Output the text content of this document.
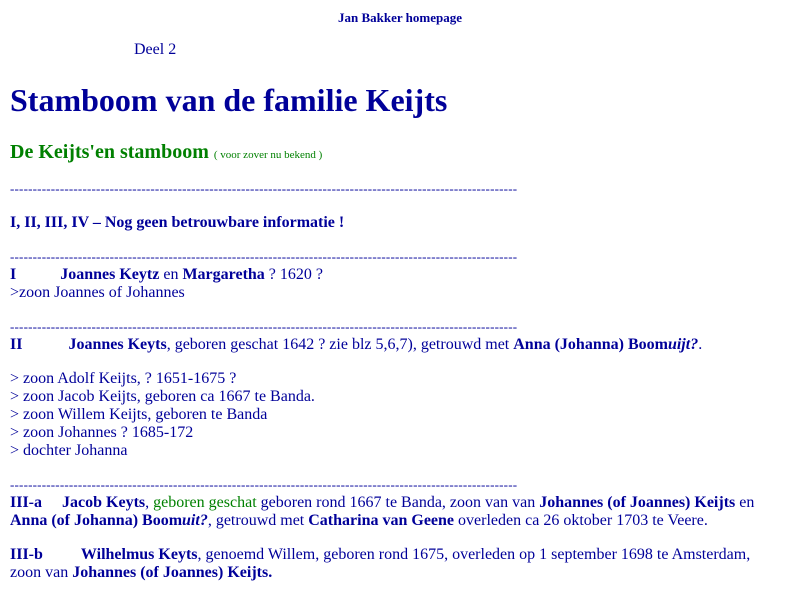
Jan Bakker homepage
Deel 2
Stamboom van de familie Keijts
De Keijts'en stamboom ( voor zover nu bekend )
----------------------------------------------------------------------------------------------------------------
I, II, III, IV – Nog geen betrouwbare informatie !
----------------------------------------------------------------------------------------------------------------
I	Joannes Keytz en Margaretha ? 1620 ?
>zoon Joannes of Johannes
----------------------------------------------------------------------------------------------------------------
II	Joannes Keyts, geboren geschat 1642 ? zie blz 5,6,7), getrouwd met Anna (Johanna) Boomuijt?.
> zoon Adolf Keijts, ? 1651-1675 ?
> zoon Jacob Keijts, geboren ca 1667 te Banda.
> zoon Willem Keijts, geboren te Banda
> zoon Johannes ? 1685-172
> dochter Johanna
----------------------------------------------------------------------------------------------------------------
III-a Jacob Keyts, geboren geschat geboren rond 1667 te Banda, zoon van van Johannes (of Joannes) Keijts en Anna (of Johanna) Boomuit?, getrouwd met Catharina van Geene overleden ca 26 oktober 1703 te Veere.
III-b Wilhelmus Keyts, genoemd Willem, geboren rond 1675, overleden op 1 september 1698 te Amsterdam, zoon van Johannes (of Joannes) Keijts.
